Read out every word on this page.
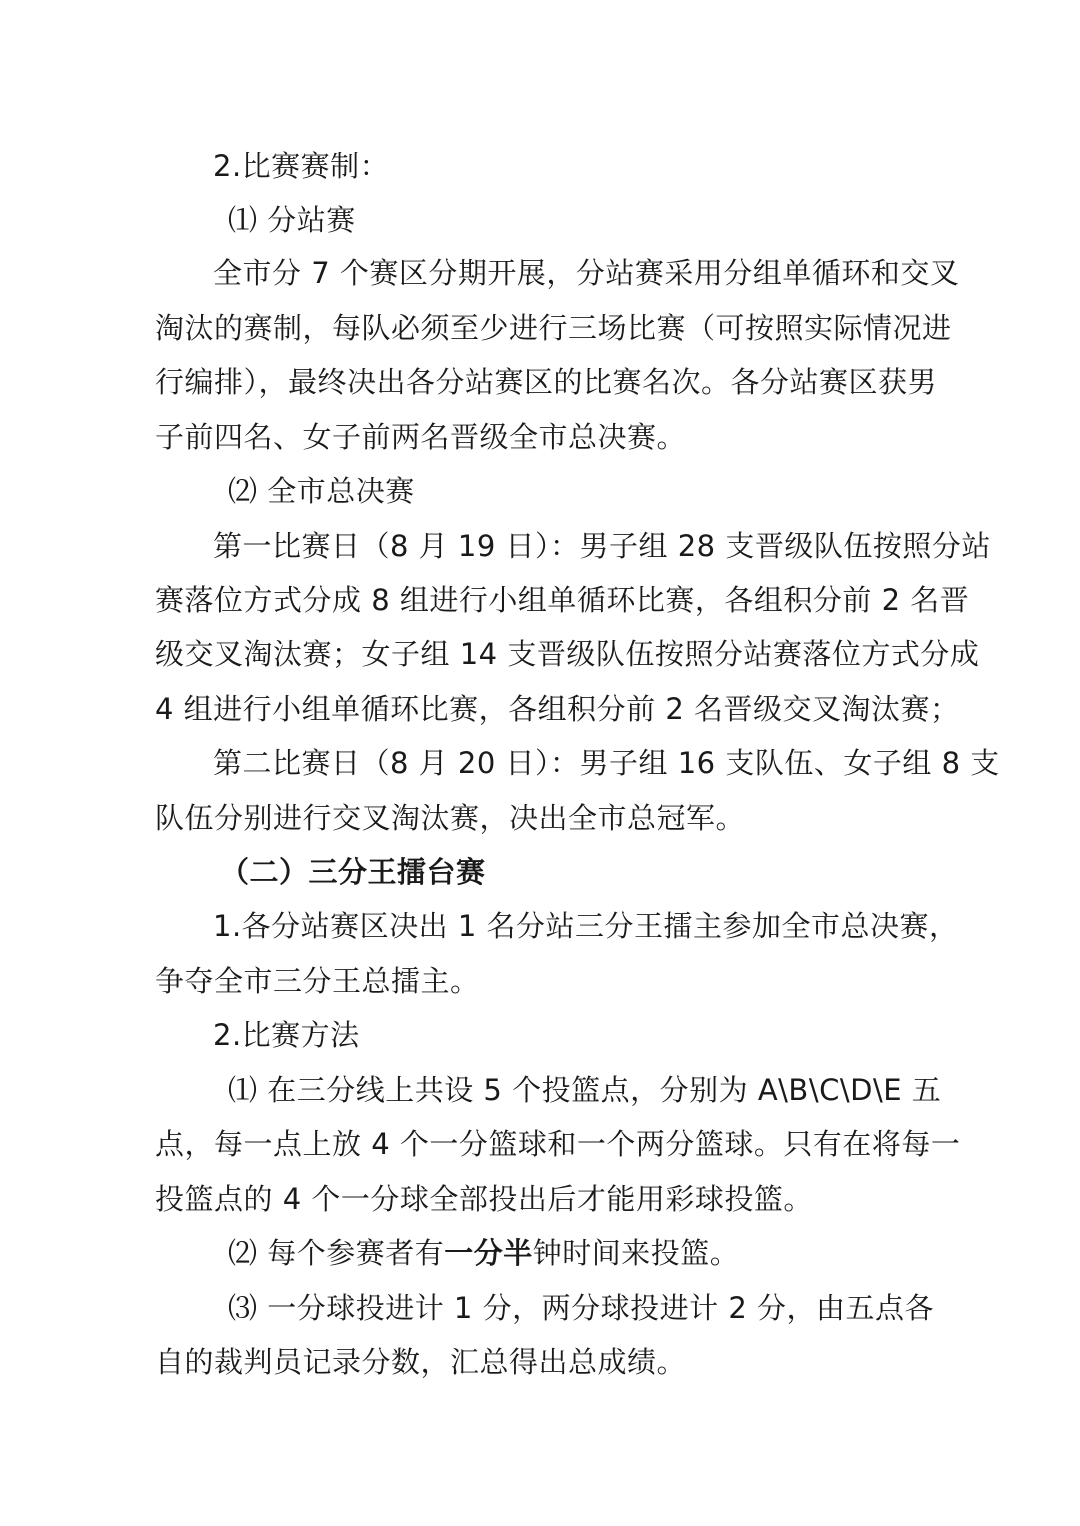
2.比赛赛制：
⑴ 分站赛
全市分 7 个赛区分期开展，分站赛采用分组单循环和交叉
淘汰的赛制，每队必须至少进行三场比赛（可按照实际情况进
行编排），最终决出各分站赛区的比赛名次。各分站赛区获男
子前四名、女子前两名晋级全市总决赛。
⑵ 全市总决赛
第一比赛日（8 月 19 日）：男子组 28 支晋级队伍按照分站
赛落位方式分成 8 组进行小组单循环比赛，各组积分前 2 名晋
级交叉淘汰赛；女子组 14 支晋级队伍按照分站赛落位方式分成
4 组进行小组单循环比赛，各组积分前 2 名晋级交叉淘汰赛；
第二比赛日（8 月 20 日）：男子组 16 支队伍、女子组 8 支
队伍分别进行交叉淘汰赛，决出全市总冠军。
（二）三分王擂台赛
1.各分站赛区决出 1 名分站三分王擂主参加全市总决赛，
争夺全市三分王总擂主。
2.比赛方法
⑴ 在三分线上共设 5 个投篮点，分别为 A\B\C\D\E 五
点，每一点上放 4 个一分篮球和一个两分篮球。只有在将每一
投篮点的 4 个一分球全部投出后才能用彩球投篮。
⑵ 每个参赛者有一分半钟时间来投篮。
⑶ 一分球投进计 1 分，两分球投进计 2 分，由五点各
自的裁判员记录分数，汇总得出总成绩。
